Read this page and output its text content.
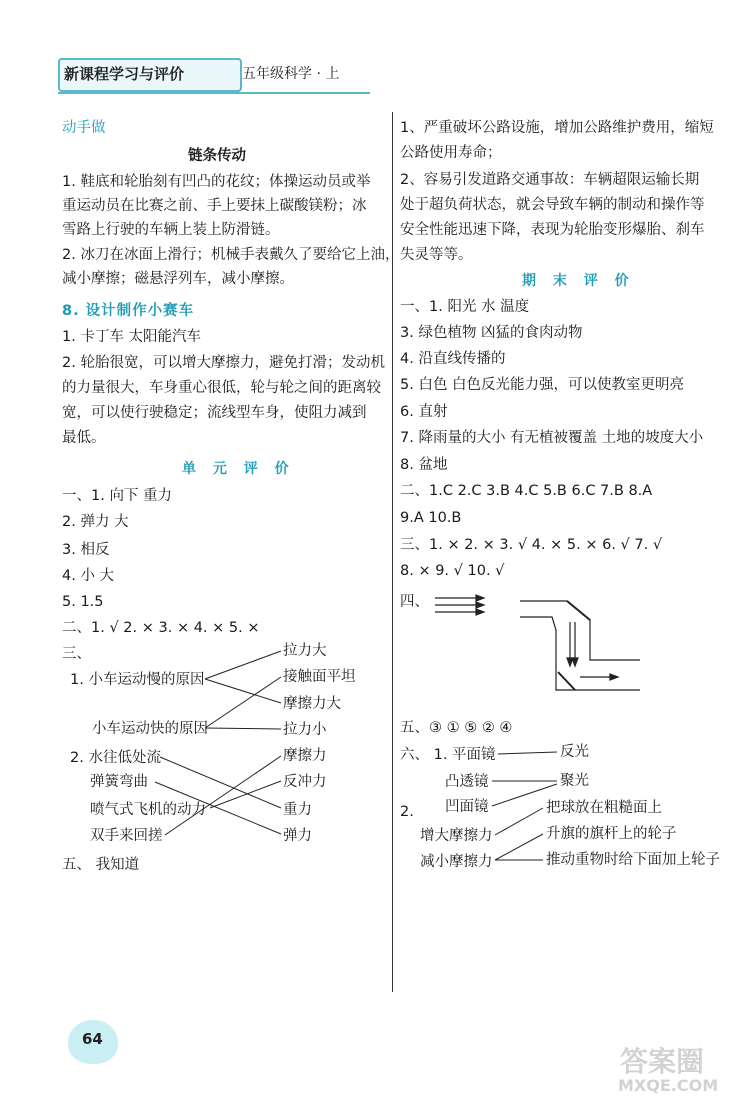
新课程学习与评价	五年级科学 · 上
动手做
链条传动
1. 鞋底和轮胎刻有凹凸的花纹；体操运动员或举
重运动员在比赛之前、手上要抹上碳酸镁粉；冰
雪路上行驶的车辆上装上防滑链。
2. 冰刀在冰面上滑行；机械手表戴久了要给它上油，
减小摩擦；磁悬浮列车，减小摩擦。
8. 设计制作小赛车
1. 卡丁车 太阳能汽车
2. 轮胎很宽，可以增大摩擦力，避免打滑；发动机
的力量很大，车身重心很低，轮与轮之间的距离较
宽，可以使行驶稳定；流线型车身，使阻力减到
最低。
单 元 评 价
一、1. 向下 重力
2. 弹力 大
3. 相反
4. 小 大
5. 1.5
二、1. √ 2. × 3. × 4. × 5. ×
三、
1. 小车运动慢的原因
小车运动快的原因
拉力大
接触面平坦
摩擦力大
拉力小
2. 水往低处流
弹簧弯曲
喷气式飞机的动力
双手来回搓
摩擦力
反冲力
重力
弹力
五、 我知道
1、严重破坏公路设施，增加公路维护费用，缩短
公路使用寿命；
2、容易引发道路交通事故：车辆超限运输长期
处于超负荷状态，就会导致车辆的制动和操作等
安全性能迅速下降，表现为轮胎变形爆胎、刹车
失灵等等。
期 末 评 价
一、1. 阳光 水 温度
3. 绿色植物 凶猛的食肉动物
4. 沿直线传播的
5. 白色 白色反光能力强，可以使教室更明亮
6. 直射
7. 降雨量的大小 有无植被覆盖 土地的坡度大小
8. 盆地
二、1.C 2.C 3.B 4.C 5.B 6.C 7.B 8.A
9.A 10.B
三、1. × 2. × 3. √ 4. × 5. × 6. √ 7. √
8. × 9. √ 10. √
四、
五、③ ① ⑤ ② ④
六、 1. 平面镜
凸透镜
凹面镜
反光
聚光
2.
增大摩擦力
减小摩擦力
把球放在粗糙面上
升旗的旗杆上的轮子
推动重物时给下面加上轮子
64
答案圈
MXQE.COM
